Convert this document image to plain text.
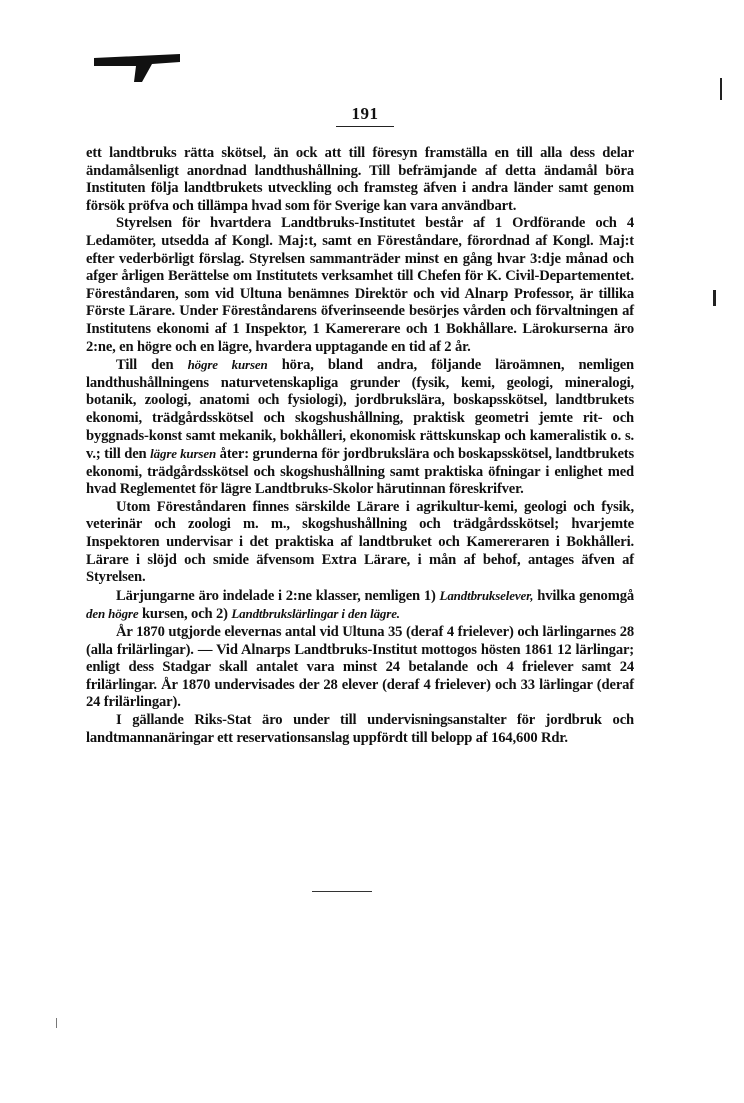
191

ett landtbruks rätta skötsel, än ock att till föresyn framställa en till alla dess delar ändamålsenligt anordnad landthushållning. Till befrämjande af detta ändamål böra Instituten följa landtbrukets utveckling och framsteg äfven i andra länder samt genom försök pröfva och tillämpa hvad som för Sverige kan vara användbart.

Styrelsen för hvartdera Landtbruks-Institutet består af 1 Ordförande och 4 Ledamöter, utsedda af Kongl. Maj:t, samt en Föreståndare, förordnad af Kongl. Maj:t efter vederbörligt förslag. Styrelsen sammanträder minst en gång hvar 3:dje månad och afger årligen Berättelse om Institutets verksamhet till Chefen för K. Civil-Departementet. Föreståndaren, som vid Ultuna benämnes Direktör och vid Alnarp Professor, är tillika Förste Lärare. Under Föreståndarens öfverinseende besörjes vården och förvaltningen af Institutens ekonomi af 1 Inspektor, 1 Kamererare och 1 Bokhållare. Lärokurserna äro 2:ne, en högre och en lägre, hvardera upptagande en tid af 2 år.

Till den högre kursen höra, bland andra, följande läroämnen, nemligen landthushållningens naturvetenskapliga grunder (fysik, kemi, geologi, mineralogi, botanik, zoologi, anatomi och fysiologi), jordbrukslära, boskapsskötsel, landtbrukets ekonomi, trädgårdsskötsel och skogshushållning, praktisk geometri jemte rit- och byggnads-konst samt mekanik, bokhålleri, ekonomisk rättskunskap och kameralistik o. s. v.; till den lägre kursen åter: grunderna för jordbrukslära och boskapsskötsel, landtbrukets ekonomi, trädgårdsskötsel och skogshushållning samt praktiska öfningar i enlighet med hvad Reglementet för lägre Landtbruks-Skolor härutinnan föreskrifver.

Utom Föreståndaren finnes särskilde Lärare i agrikultur-kemi, geologi och fysik, veterinär och zoologi m. m., skogshushållning och trädgårdsskötsel; hvarjemte Inspektoren undervisar i det praktiska af landtbruket och Kamereraren i Bokhålleri. Lärare i slöjd och smide äfvensom Extra Lärare, i mån af behof, antages äfven af Styrelsen.

Lärjungarne äro indelade i 2:ne klasser, nemligen 1) Landtbrukselever, hvilka genomgå den högre kursen, och 2) Landtbrukslärlingar i den lägre.

År 1870 utgjorde elevernas antal vid Ultuna 35 (deraf 4 frielever) och lärlingarnes 28 (alla frilärlingar). — Vid Alnarps Landtbruks-Institut mottogos hösten 1861 12 lärlingar; enligt dess Stadgar skall antalet vara minst 24 betalande och 4 frielever samt 24 frilärlingar. År 1870 undervisades der 28 elever (deraf 4 frielever) och 33 lärlingar (deraf 24 frilärlingar).

I gällande Riks-Stat äro under till undervisningsanstalter för jordbruk och landtmannanäringar ett reservationsanslag uppfördt till belopp af 164,600 Rdr.
